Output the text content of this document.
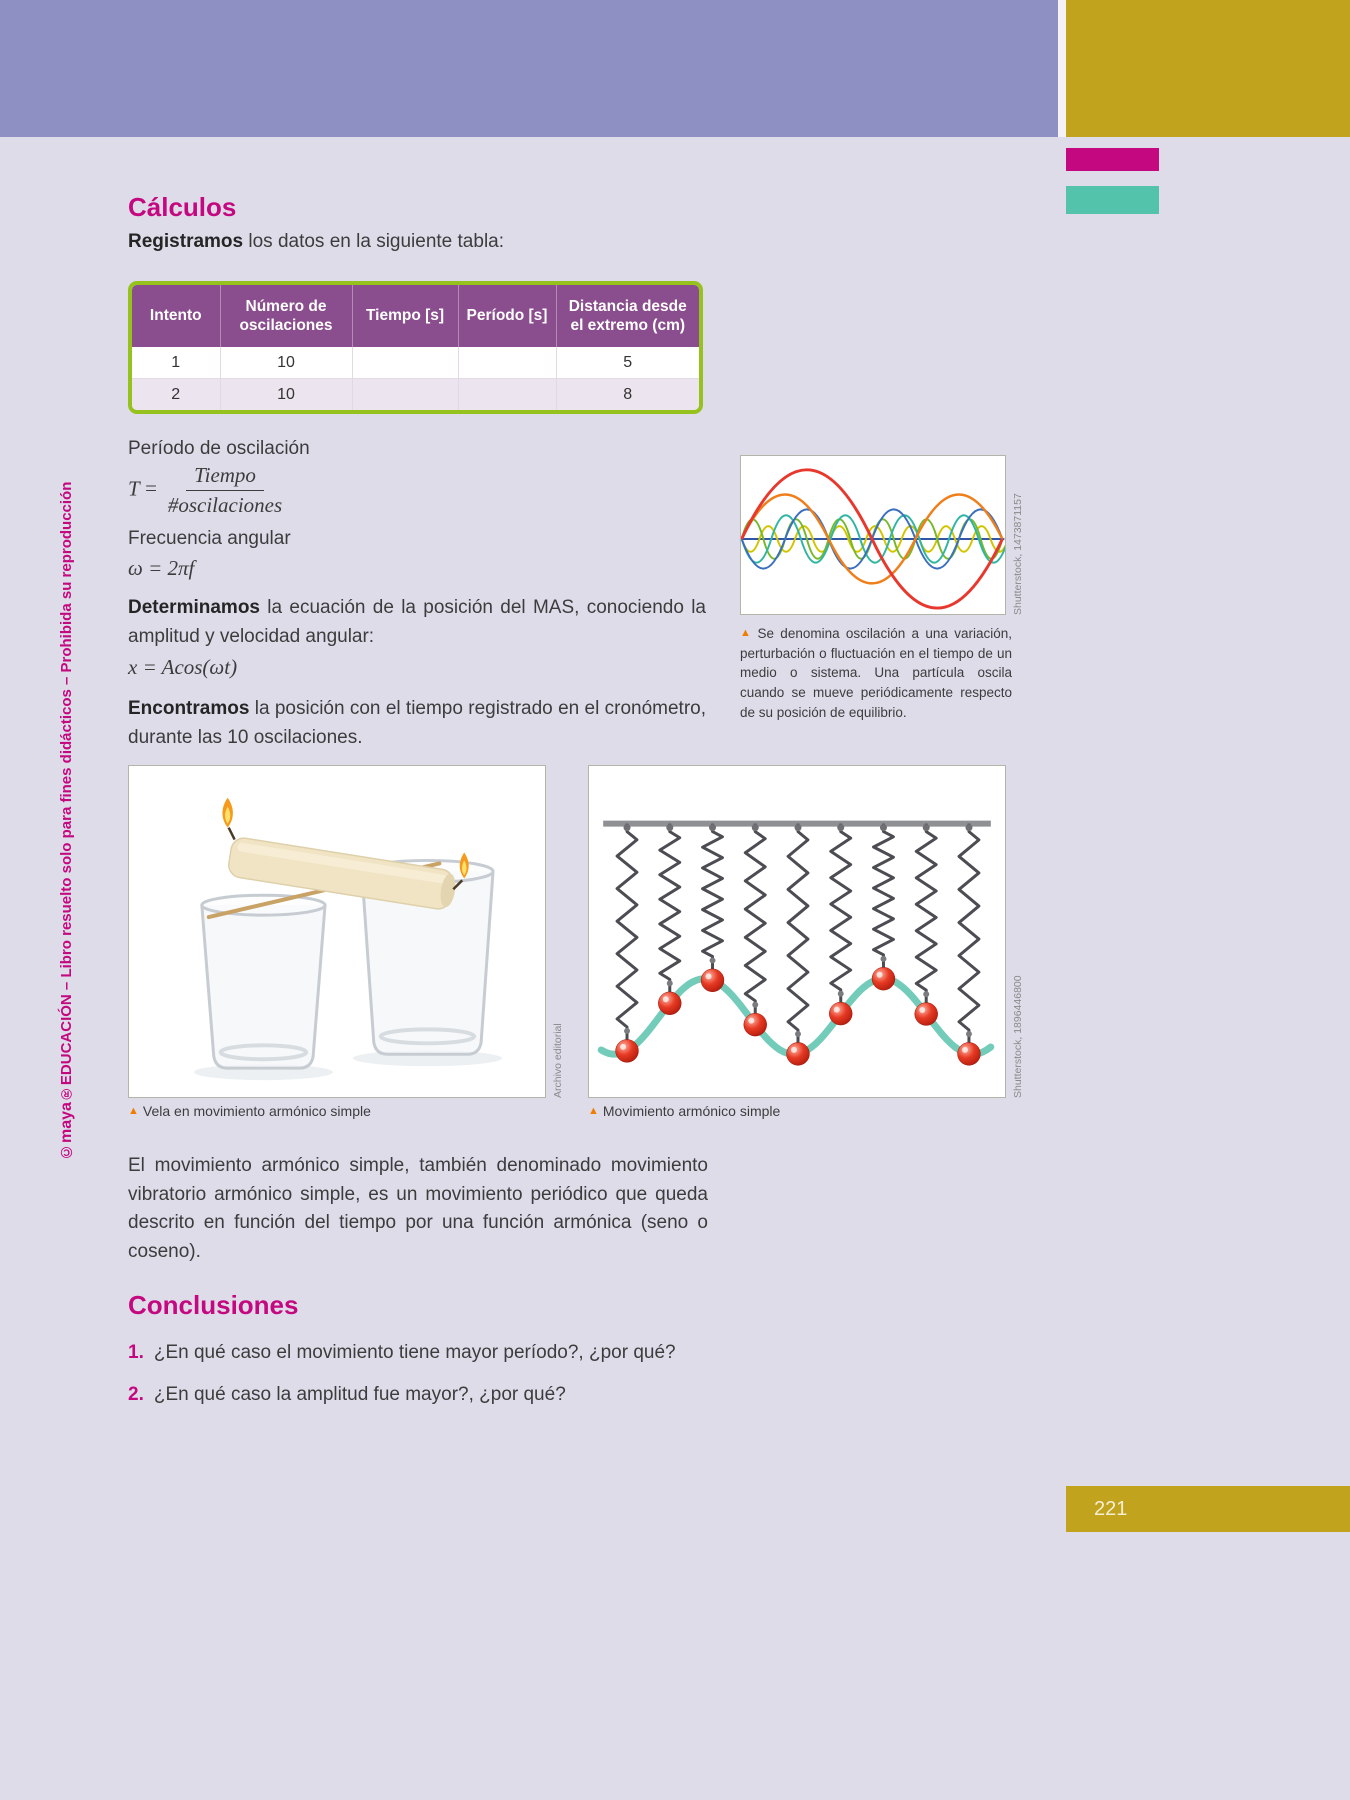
©maya®EDUCACIÓN – Libro resuelto solo para fines didácticos – Prohibida su reproducción
Cálculos

Registramos los datos en la siguiente tabla:

Intento	Número de oscilaciones	Tiempo [s]	Período [s]	Distancia desde el extremo (cm)
1	10			5
2	10			8

Período de oscilación

$T = \frac{\text{Tiempo}}{\text{\#oscilaciones}}$

Frecuencia angular

ω = 2πf

Determinamos la ecuación de la posición del MAS, conociendo la amplitud y velocidad angular:

x = Acos(ωt)

Encontramos la posición con el tiempo registrado en el cronómetro, durante las 10 oscilaciones.

Shutterstock, 1473871157

▲ Se denomina oscilación a una variación, perturbación o fluctuación en el tiempo de un medio o sistema. Una partícula oscila cuando se mueve periódicamente respecto de su posición de equilibrio.

Archivo editorial	Shutterstock, 1896446800

▲ Vela en movimiento armónico simple	▲ Movimiento armónico simple

El movimiento armónico simple, también denominado movimiento vibratorio armónico simple, es un movimiento periódico que queda descrito en función del tiempo por una función armónica (seno o coseno).

Conclusiones

1. ¿En qué caso el movimiento tiene mayor período?, ¿por qué?

2. ¿En qué caso la amplitud fue mayor?, ¿por qué?

221
